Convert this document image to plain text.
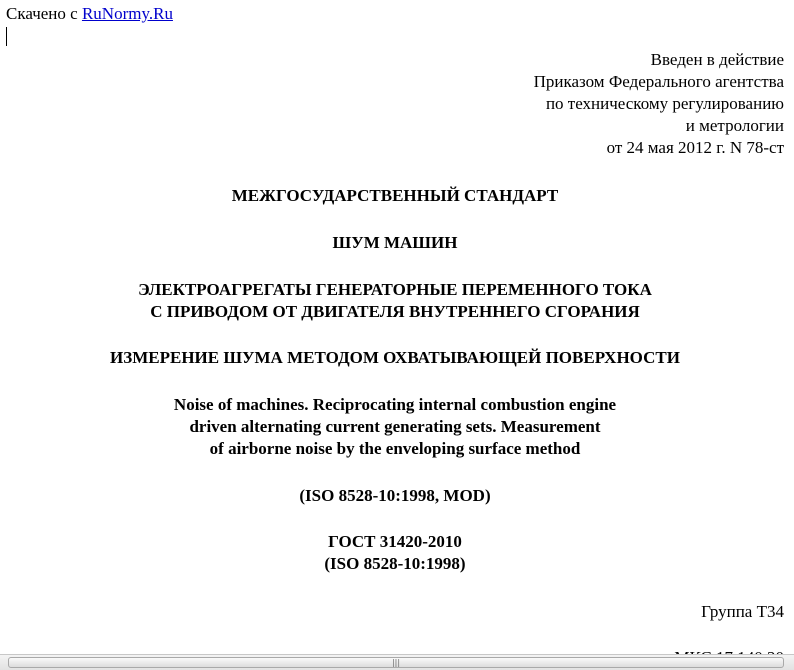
Скачено с RuNormy.Ru
Введен в действие
Приказом Федерального агентства
по техническому регулированию
и метрологии
от 24 мая 2012 г. N 78-ст
МЕЖГОСУДАРСТВЕННЫЙ СТАНДАРТ
ШУМ МАШИН
ЭЛЕКТРОАГРЕГАТЫ ГЕНЕРАТОРНЫЕ ПЕРЕМЕННОГО ТОКА
С ПРИВОДОМ ОТ ДВИГАТЕЛЯ ВНУТРЕННЕГО СГОРАНИЯ
ИЗМЕРЕНИЕ ШУМА МЕТОДОМ ОХВАТЫВАЮЩЕЙ ПОВЕРХНОСТИ
Noise of machines. Reciprocating internal combustion engine
driven alternating current generating sets. Measurement
of airborne noise by the enveloping surface method
(ISO 8528-10:1998, MOD)
ГОСТ 31420-2010
(ISO 8528-10:1998)
Группа Т34
|||
